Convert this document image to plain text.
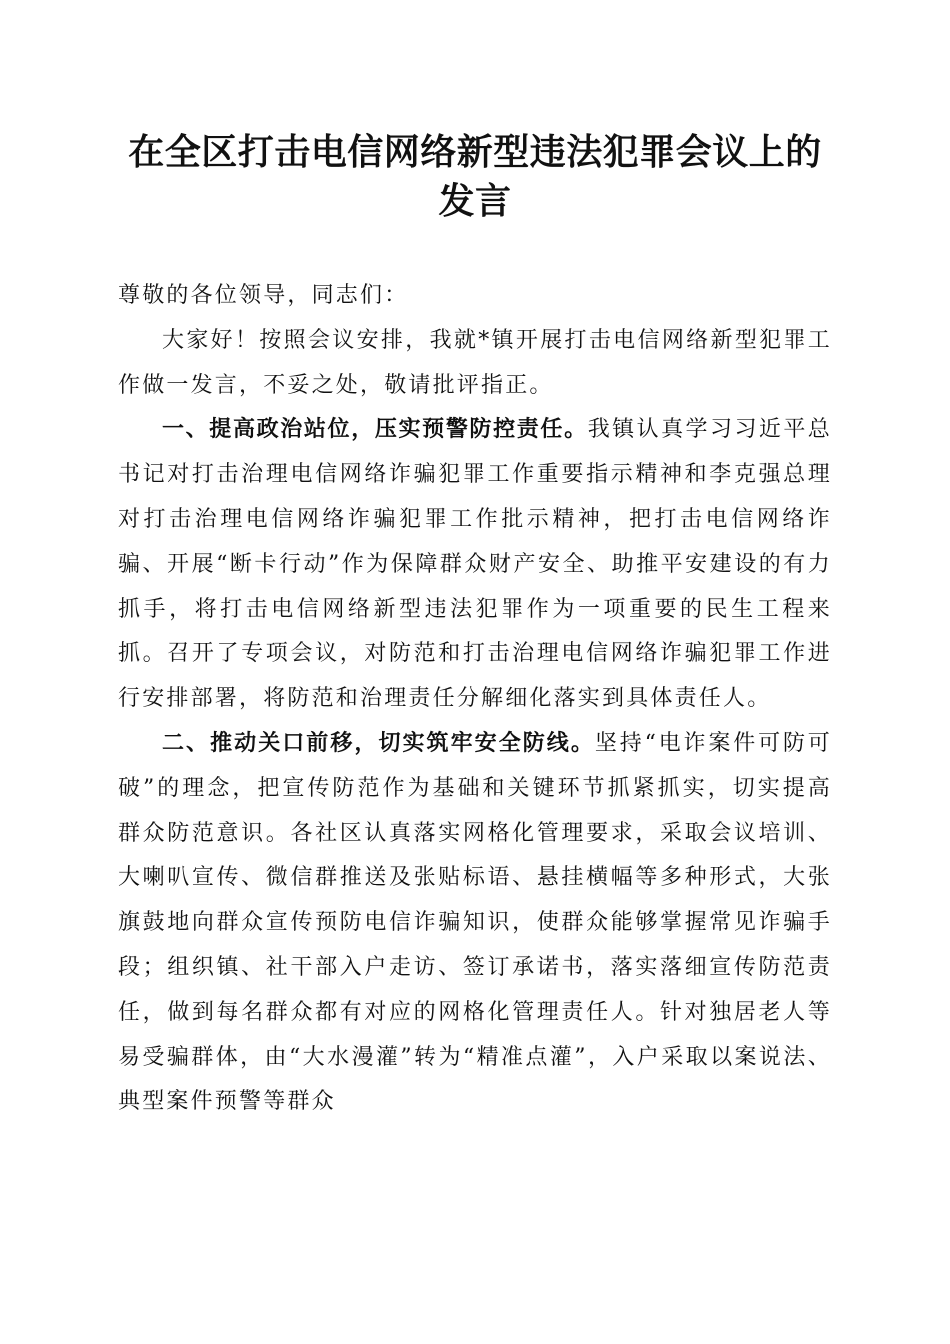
在全区打击电信网络新型违法犯罪会议上的发言

尊敬的各位领导，同志们：

大家好！按照会议安排，我就*镇开展打击电信网络新型犯罪工作做一发言，不妥之处，敬请批评指正。

一、提高政治站位，压实预警防控责任。我镇认真学习习近平总书记对打击治理电信网络诈骗犯罪工作重要指示精神和李克强总理对打击治理电信网络诈骗犯罪工作批示精神，把打击电信网络诈骗、开展“断卡行动”作为保障群众财产安全、助推平安建设的有力抓手，将打击电信网络新型违法犯罪作为一项重要的民生工程来抓。召开了专项会议，对防范和打击治理电信网络诈骗犯罪工作进行安排部署，将防范和治理责任分解细化落实到具体责任人。

二、推动关口前移，切实筑牢安全防线。坚持“电诈案件可防可破”的理念，把宣传防范作为基础和关键环节抓紧抓实，切实提高群众防范意识。各社区认真落实网格化管理要求，采取会议培训、大喇叭宣传、微信群推送及张贴标语、悬挂横幅等多种形式，大张旗鼓地向群众宣传预防电信诈骗知识，使群众能够掌握常见诈骗手段；组织镇、社干部入户走访、签订承诺书，落实落细宣传防范责任，做到每名群众都有对应的网格化管理责任人。针对独居老人等易受骗群体，由“大水漫灌”转为“精准点灌”，入户采取以案说法、典型案件预警等群众
